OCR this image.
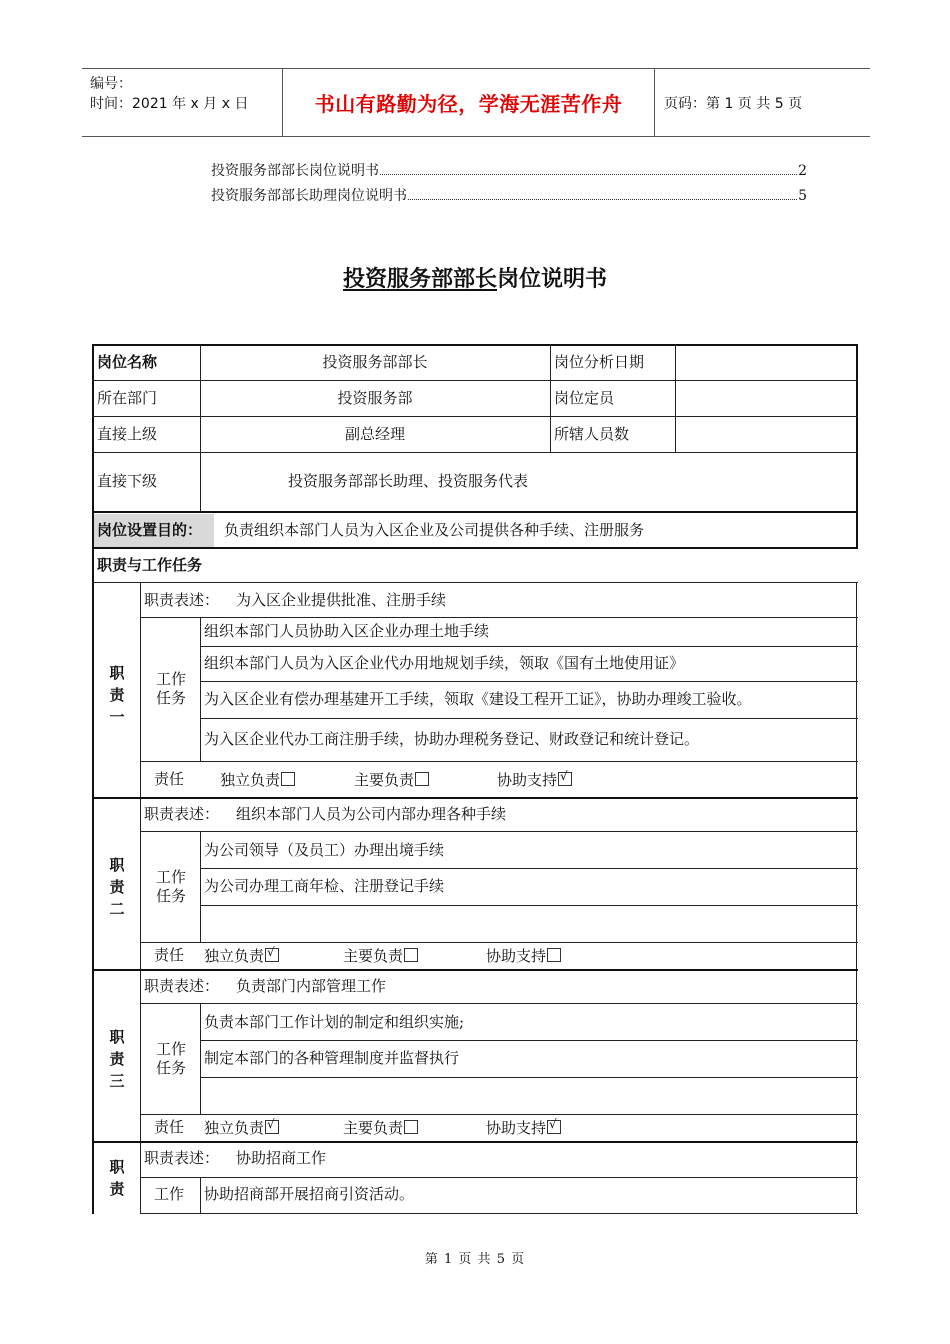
编号：
时间：2021 年 x 月 x 日	书山有路勤为径，学海无涯苦作舟	页码：第 1 页 共 5 页
投资服务部部长岗位说明书	2
投资服务部部长助理岗位说明书	5
投资服务部部长岗位说明书
岗位名称	投资服务部部长	岗位分析日期
所在部门	投资服务部	岗位定员
直接上级	副总经理	所辖人员数
直接下级	投资服务部部长助理、投资服务代表
岗位设置目的： 负责组织本部门人员为入区企业及公司提供各种手续、注册服务
职责与工作任务
职
责
一
职责表述： 为入区企业提供批准、注册手续
工作
任务
组织本部门人员协助入区企业办理土地手续
组织本部门人员为入区企业代办用地规划手续，领取《国有土地使用证》
为入区企业有偿办理基建开工手续，领取《建设工程开工证》，协助办理竣工验收。
为入区企业代办工商注册手续，协助办理税务登记、财政登记和统计登记。
责任 独立负责	主要负责	协助支持√
职
责
二
职责表述： 组织本部门人员为公司内部办理各种手续
工作
任务
为公司领导（及员工）办理出境手续
为公司办理工商年检、注册登记手续
责任 独立负责 √	主要负责	协助支持
职
责
三
职责表述： 负责部门内部管理工作
工作
任务
负责本部门工作计划的制定和组织实施;
制定本部门的各种管理制度并监督执行
责任 独立负责 √	主要负责	协助支持√
职
责
职责表述： 协助招商工作
工作 协助招商部开展招商引资活动。
第 1 页 共 5 页
